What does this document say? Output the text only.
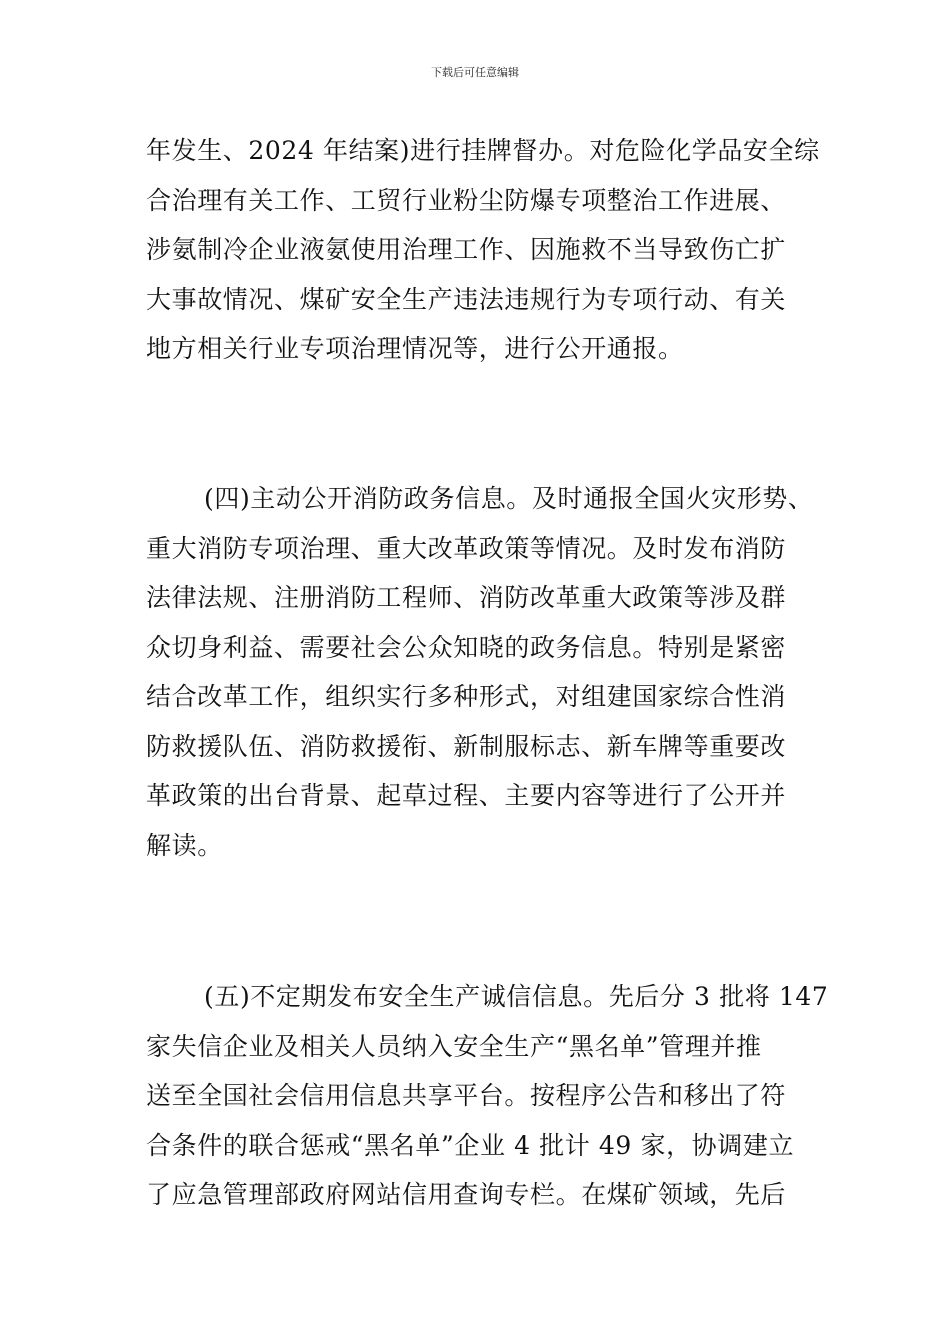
下载后可任意编辑
年发生、2024 年结案)进行挂牌督办。对危险化学品安全综
合治理有关工作、工贸行业粉尘防爆专项整治工作进展、
涉氨制冷企业液氨使用治理工作、因施救不当导致伤亡扩
大事故情况、煤矿安全生产违法违规行为专项行动、有关
地方相关行业专项治理情况等，进行公开通报。
(四)主动公开消防政务信息。及时通报全国火灾形势、
重大消防专项治理、重大改革政策等情况。及时发布消防
法律法规、注册消防工程师、消防改革重大政策等涉及群
众切身利益、需要社会公众知晓的政务信息。特别是紧密
结合改革工作，组织实行多种形式，对组建国家综合性消
防救援队伍、消防救援衔、新制服标志、新车牌等重要改
革政策的出台背景、起草过程、主要内容等进行了公开并
解读。
(五)不定期发布安全生产诚信信息。先后分 3 批将 147
家失信企业及相关人员纳入安全生产“黑名单”管理并推
送至全国社会信用信息共享平台。按程序公告和移出了符
合条件的联合惩戒“黑名单”企业 4 批计 49 家，协调建立
了应急管理部政府网站信用查询专栏。在煤矿领域，先后
